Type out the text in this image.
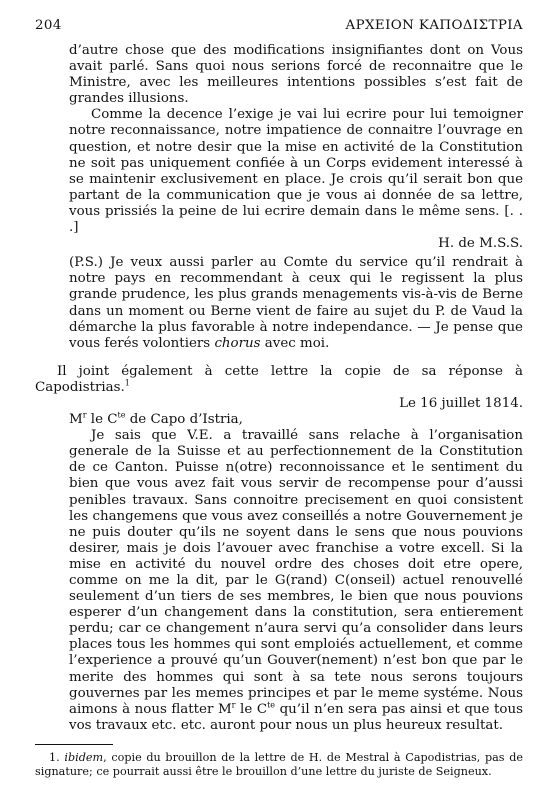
204	ΑΡΧΕΙΟΝ ΚΑΠΟΔΙΣΤΡΙΑ

d’autre chose que des modifications insignifiantes dont on Vous avait parlé. Sans quoi nous serions forcé de reconnaitre que le Ministre, avec les meilleures intentions possibles s’est fait de grandes illusions.

Comme la decence l’exige je vai lui ecrire pour lui temoigner notre reconnaissance, notre impatience de connaitre l’ouvrage en question, et notre desir que la mise en activité de la Constitution ne soit pas uniquement confiée à un Corps evidement interessé à se maintenir exclusivement en place. Je crois qu’il serait bon que partant de la communication que je vous ai donnée de sa lettre, vous prissiés la peine de lui ecrire demain dans le même sens. [. . .]

H. de M.S.S.

(P.S.) Je veux aussi parler au Comte du service qu’il rendrait à notre pays en recommendant à ceux qui le regissent la plus grande prudence, les plus grands menagements vis-à-vis de Berne dans un moment ou Berne vient de faire au sujet du P. de Vaud la démarche la plus favorable à notre independance. — Je pense que vous ferés volontiers chorus avec moi.

Il joint également à cette lettre la copie de sa réponse à Capodistrias.$^1$

Le 16 juillet 1814.

$M^r$ le $C^{te}$ de Capo d’Istria,

Je sais que V.E. a travaillé sans relache à l’organisation generale de la Suisse et au perfectionnement de la Constitution de ce Canton. Puisse n(otre) reconnoissance et le sentiment du bien que vous avez fait vous servir de recompense pour d’aussi penibles travaux. Sans connoitre precisement en quoi consistent les changemens que vous avez conseillés a notre Gouvernement je ne puis douter qu’ils ne soyent dans le sens que nous pouvions desirer, mais je dois l’avouer avec franchise a votre excell. Si la mise en activité du nouvel ordre des choses doit etre opere, comme on me la dit, par le G(rand) C(onseil) actuel renouvellé seulement d’un tiers de ses membres, le bien que nous pouvions esperer d’un changement dans la constitution, sera entierement perdu; car ce changement n’aura servi qu’a consolider dans leurs places tous les hommes qui sont emploiés actuellement, et comme l’experience a prouvé qu’un Gouver(nement) n’est bon que par le merite des hommes qui sont à sa tete nous serons toujours gouvernes par les memes principes et par le meme systéme. Nous aimons à nous flatter $M^r$ le $C^{te}$ qu’il n’en sera pas ainsi et que tous vos travaux etc. etc. auront pour nous un plus heureux resultat.

1. ibidem, copie du brouillon de la lettre de H. de Mestral à Capodistrias, pas de signature; ce pourrait aussi être le brouillon d’une lettre du juriste de Seigneux.
